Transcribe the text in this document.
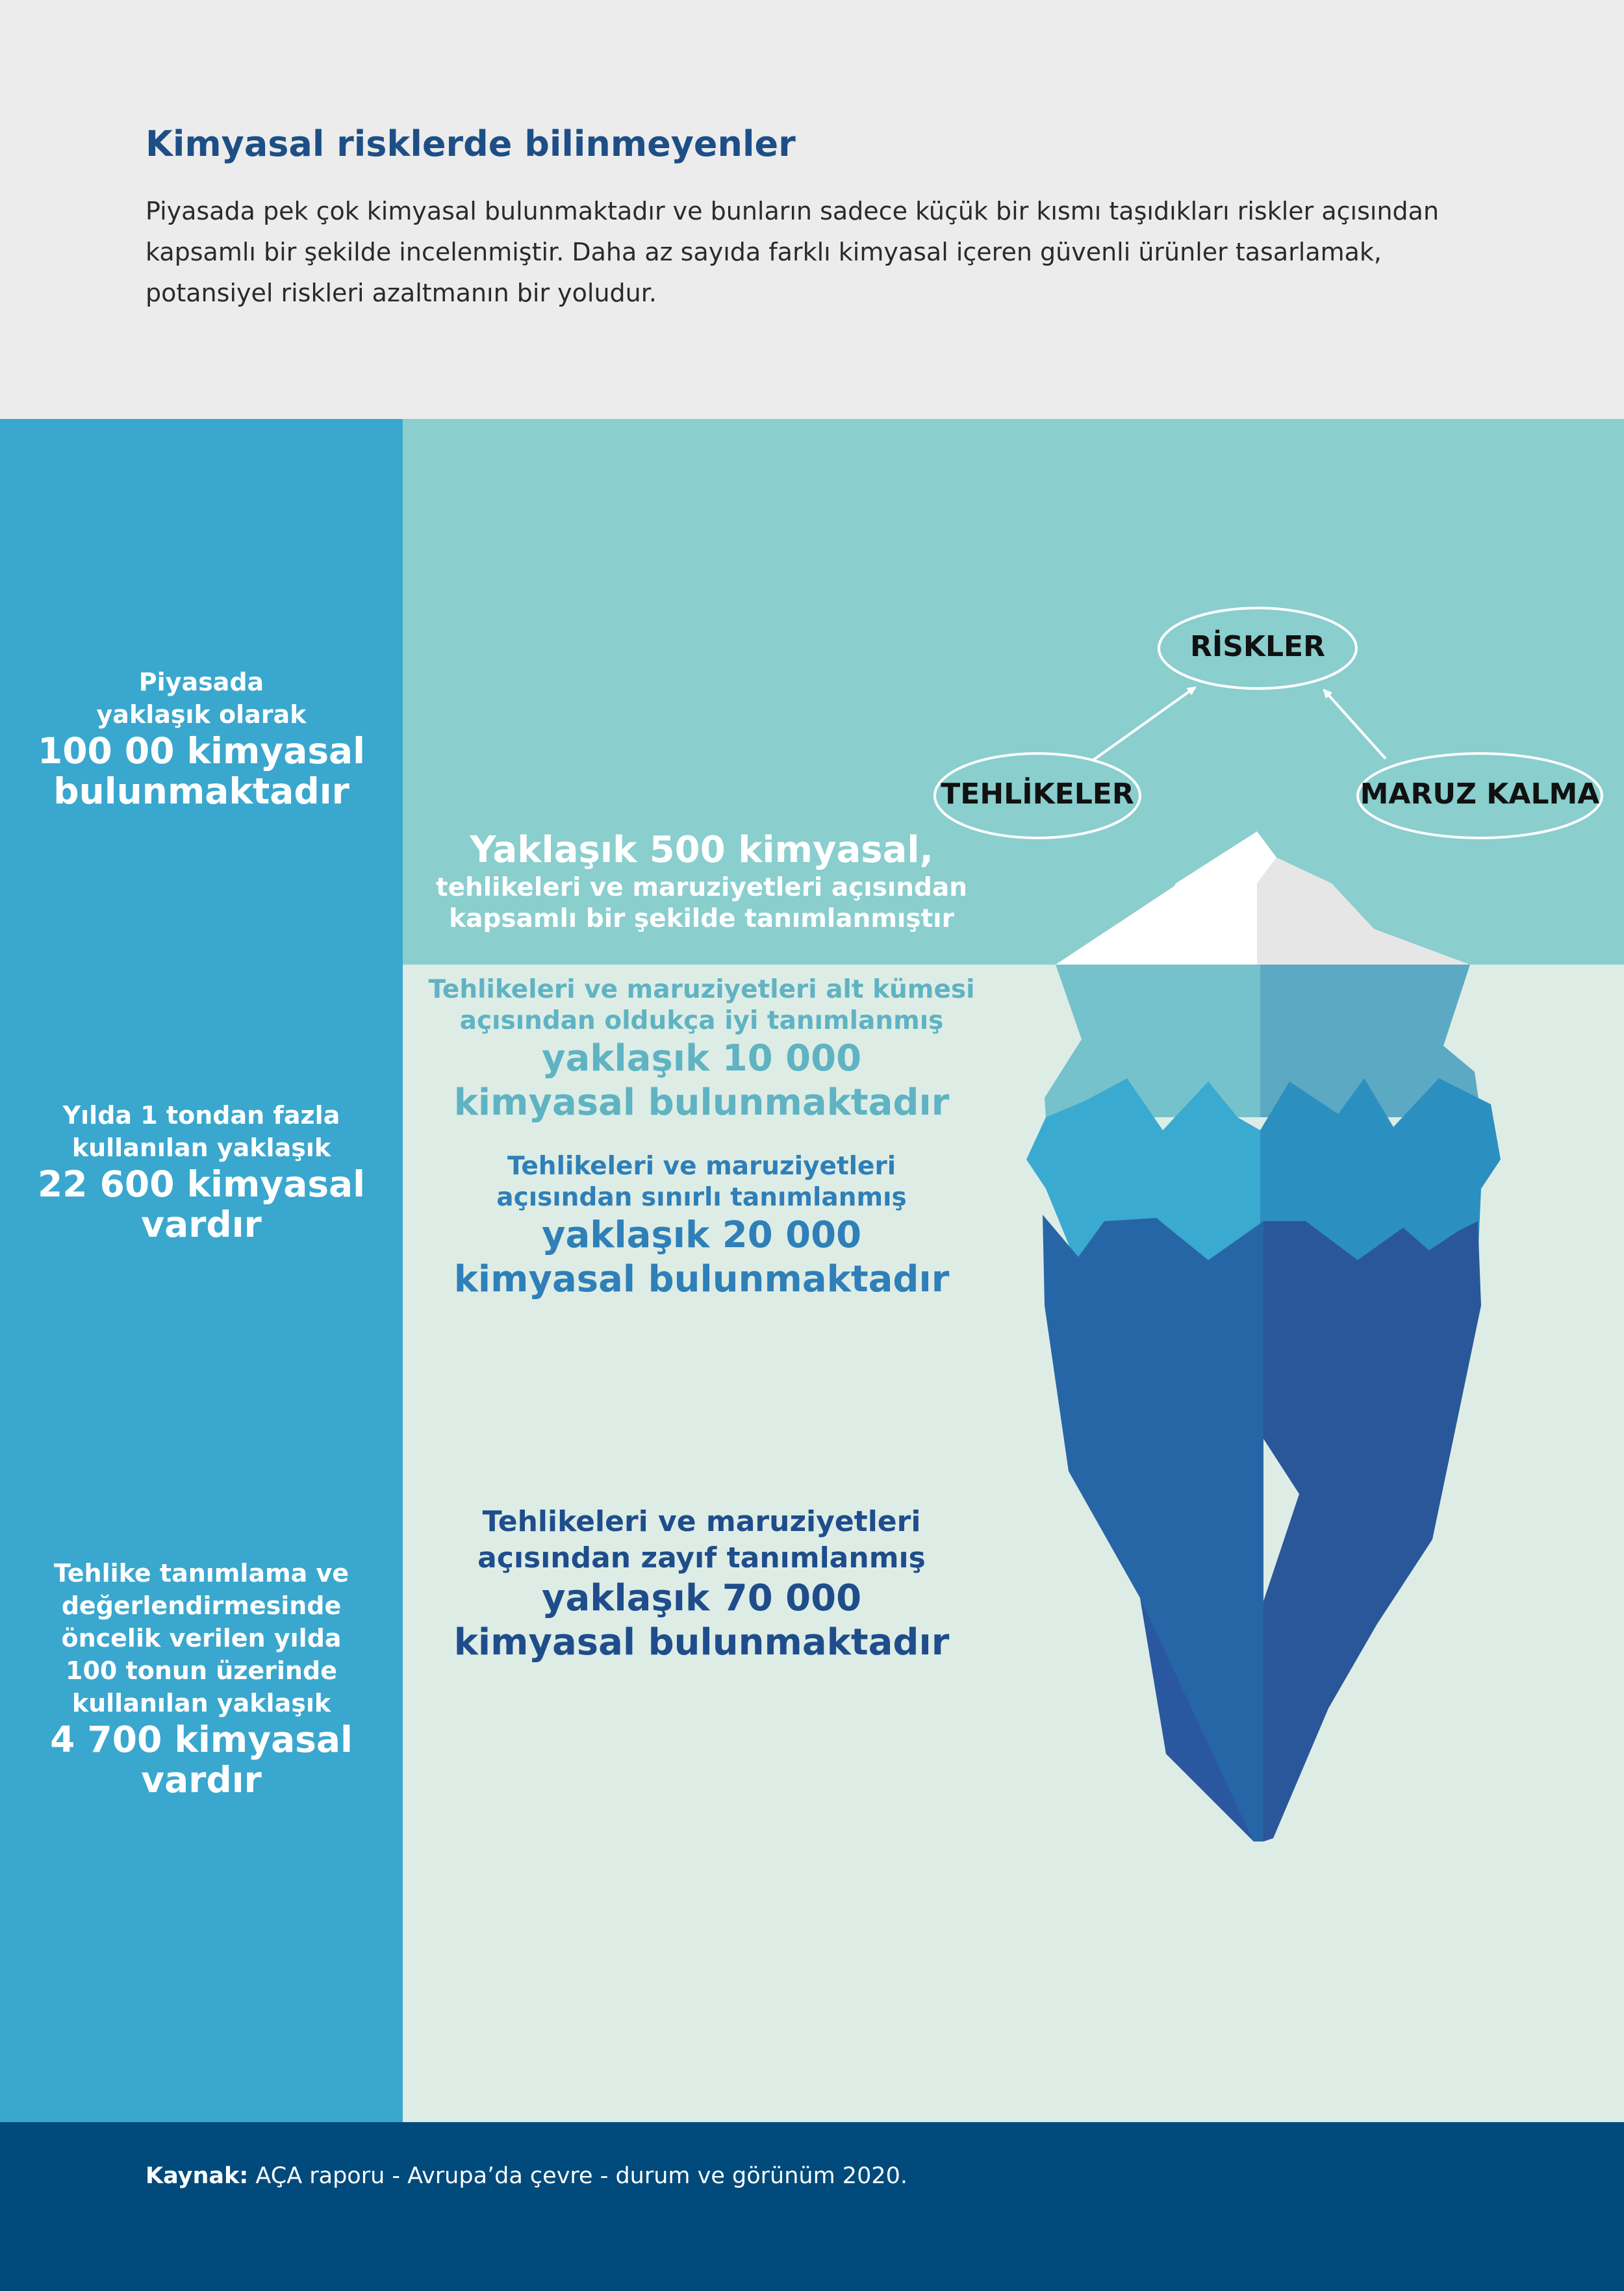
Kimyasal risklerde bilinmeyenler

Piyasada pek çok kimyasal bulunmaktadır ve bunların sadece küçük bir kısmı taşıdıkları riskler açısından
kapsamlı bir şekilde incelenmiştir. Daha az sayıda farklı kimyasal içeren güvenli ürünler tasarlamak,
potansiyel riskleri azaltmanın bir yoludur.

Piyasada
yaklaşık olarak
100 00 kimyasal
bulunmaktadır
Yılda 1 tondan fazla
kullanılan yaklaşık
22 600 kimyasal
vardır
Tehlike tanımlama ve
değerlendirmesinde
öncelik verilen yılda
100 tonun üzerinde
kullanılan yaklaşık
4 700 kimyasal
vardır
RİSKLER
TEHLİKELER	MARUZ KALMA
Yaklaşık 500 kimyasal,
tehlikeleri ve maruziyetleri açısından
kapsamlı bir şekilde tanımlanmıştır
Tehlikeleri ve maruziyetleri alt kümesi
açısından oldukça iyi tanımlanmış
yaklaşık 10 000
kimyasal bulunmaktadır
Tehlikeleri ve maruziyetleri
açısından sınırlı tanımlanmış
yaklaşık 20 000
kimyasal bulunmaktadır
Tehlikeleri ve maruziyetleri
açısından zayıf tanımlanmış
yaklaşık 70 000
kimyasal bulunmaktadır
Kaynak: AÇA raporu - Avrupa’da çevre - durum ve görünüm 2020.
